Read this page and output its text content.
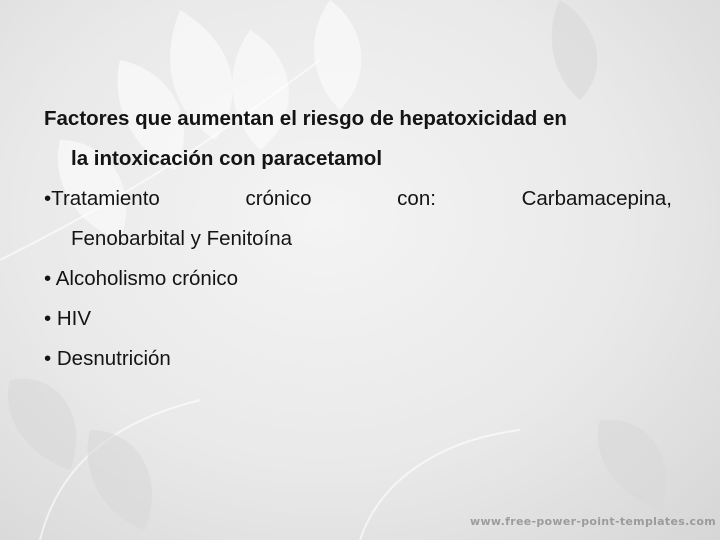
Factores que aumentan el riesgo de hepatoxicidad en
la intoxicación con paracetamol
•Tratamiento crónico con: Carbamacepina,
Fenobarbital y Fenitoína
• Alcoholismo crónico
• HIV
• Desnutrición
www.free-power-point-templates.com
